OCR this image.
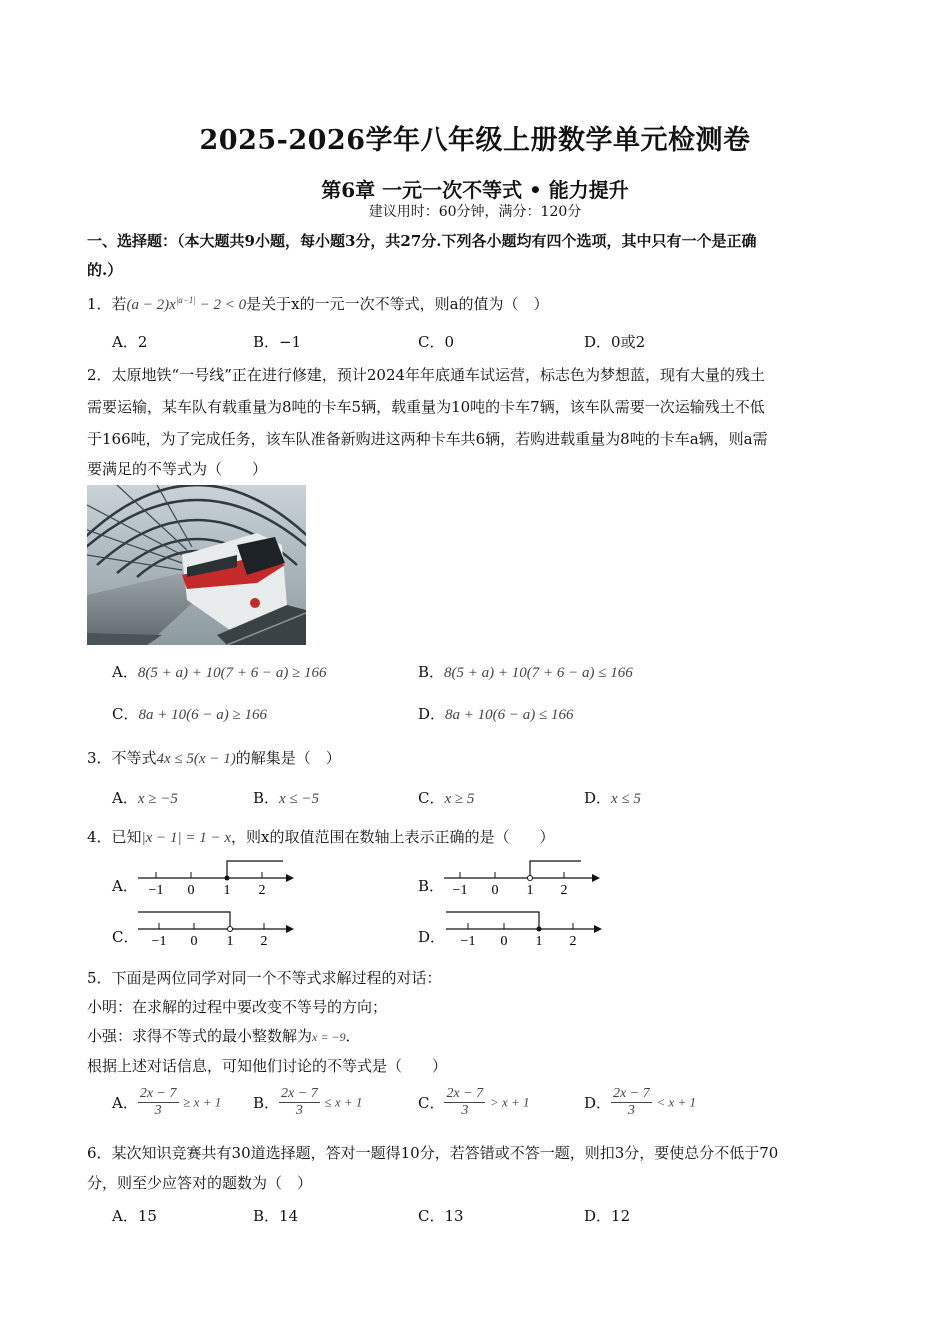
2025-2026学年八年级上册数学单元检测卷
第6章 一元一次不等式 • 能力提升
建议用时：60分钟，满分：120分
一、选择题：（本大题共9小题，每小题3分，共27分.下列各小题均有四个选项，其中只有一个是正确
的.）
1．若$(a - 2)x^{|a-1|} - 2 < 0$是关于x的一元一次不等式，则a的值为（　）
A．2	B．−1	C．0	D．0或2
2．太原地铁“一号线”正在进行修建，预计2024年年底通车试运营，标志色为梦想蓝，现有大量的残土
需要运输，某车队有载重量为8吨的卡车5辆，载重量为10吨的卡车7辆，该车队需要一次运输残土不低
于166吨，为了完成任务，该车队准备新购进这两种卡车共6辆，若购进载重量为8吨的卡车a辆，则a需
要满足的不等式为（　　）
A．8(5 + a) + 10(7 + 6 − a) ≥ 166	B．8(5 + a) + 10(7 + 6 − a) ≤ 166
C．8a + 10(6 − a) ≥ 166	D．8a + 10(6 − a) ≤ 166
3．不等式4x ≤ 5(x − 1)的解集是（　）
A．x ≥ −5	B．x ≤ −5	C．x ≥ 5	D．x ≤ 5
4．已知|x − 1| = 1 − x，则x的取值范围在数轴上表示正确的是（　　）
A． −1 0 1 2	B． −1 0 1 2
C． −1 0 1 2	D． −1 0 1 2
5．下面是两位同学对同一个不等式求解过程的对话：
小明：在求解的过程中要改变不等号的方向；
小强：求得不等式的最小整数解为x = −9．
根据上述对话信息，可知他们讨论的不等式是（　　）
A． $\frac{2x - 7}{3} \ge x + 1$ B． $\frac{2x - 7}{3} \le x + 1$	C． $\frac{2x - 7}{3} > x + 1$	D． $\frac{2x - 7}{3} < x + 1$
6．某次知识竞赛共有30道选择题，答对一题得10分，若答错或不答一题，则扣3分，要使总分不低于70
分，则至少应答对的题数为（　）
A．15	B．14	C．13	D．12
